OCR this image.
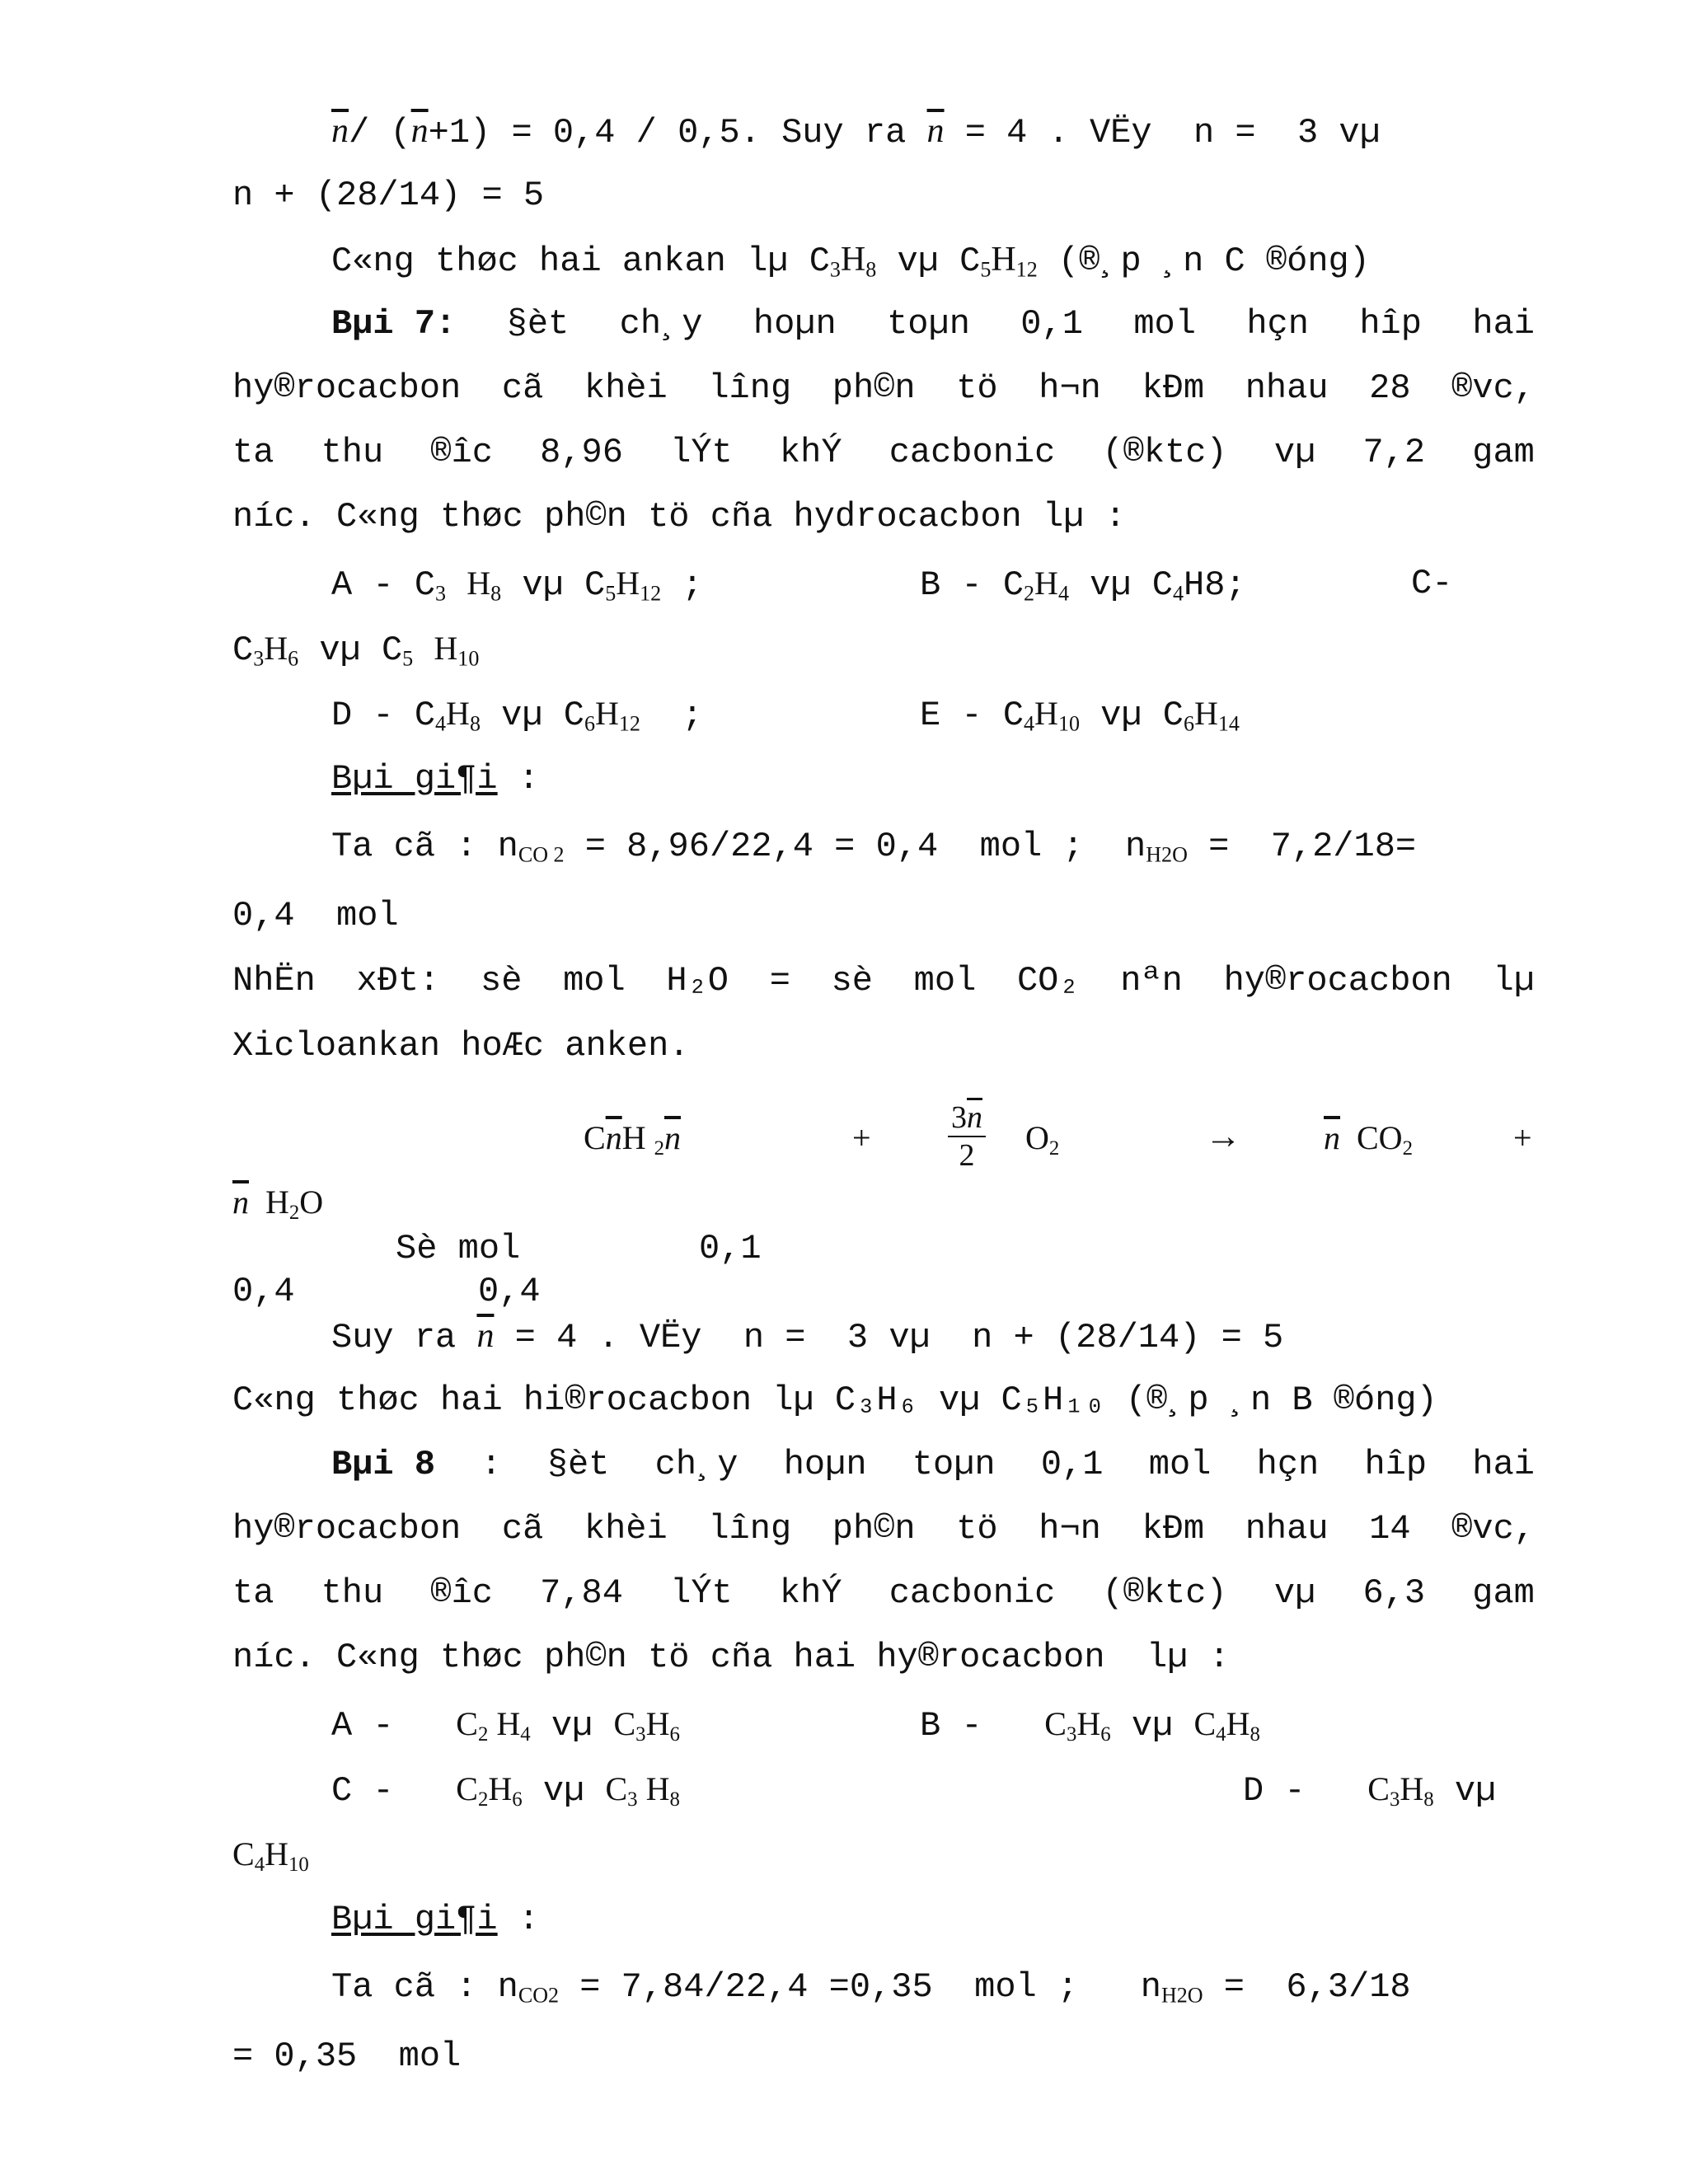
$\overline{n}/$ $(\overline{n}+1) = 0,4 / 0,5$. Suy ra $\overline{n} = 4$ . VËy  n =  3 vµ
n + (28/14) = 5
C«ng thøc hai ankan lµ $C_3H_8$ vµ $C_5H_{12}$ (®¸p ¸n C ®óng)
Bµi 7: §èt ch¸y hoµn toµn 0,1 mol hçn hîp hai
hy®rocacbon cã khèi lîng ph©n tö h¬n kÐm nhau 28 ®vc,
ta thu ®îc 8,96 lÝt khÝ cacbonic (®ktc) vµ 7,2 gam
níc. C«ng thøc ph©n tö cña hydrocacbon lµ :
A - $C_3$ $H_8$ vµ $C_5H_{12}$ ;	B - $C_2H_4$ vµ $C_4H8$;	C-
$C_3H_6$ vµ $C_5$ $H_{10}$
D - $C_4H_8$ vµ $C_6H_{12}$  ;	E - $C_4H_{10}$ vµ $C_6H_{14}$
Bµi gi¶i :
Ta cã : $n_{CO 2} = 8,96/22,4 = 0,4$  mol ;  $n_{H2O} = 7,2/18=$
0,4  mol
NhËn xÐt: sè mol H₂O = sè mol CO₂ nªn hy®rocacbon lµ
Xicloankan hoÆc anken.
$C\overline{n}H$ $_2\overline{n}$	+ $\frac{3\overline{n}}{2} O_2$	→	$\overline{n}$  $CO_2$	+
$\overline{n}$  $H_2O$
Sè mol	0,1
0,4	0,4
Suy ra $\overline{n} = 4$ . VËy  n =  3 vµ  n + (28/14) = 5
C«ng thøc hai hi®rocacbon lµ C₃H₆ vµ C₅H₁₀ (®¸p ¸n B ®óng)
Bµi 8 : §èt ch¸y hoµn toµn 0,1 mol hçn hîp hai
hy®rocacbon cã khèi lîng ph©n tö h¬n kÐm nhau 14 ®vc,
ta thu ®îc 7,84 lÝt khÝ cacbonic (®ktc) vµ 6,3 gam
níc. C«ng thøc ph©n tö cña hai hy®rocacbon  lµ :
A - $C_2$ $H_4$ vµ $C_3H_6$	B - $C_3H_6$ vµ $C_4H_8$
C - $C_2H_6$ vµ $C_3$ $H_8$	D - $C_3H_8$ vµ
$C_4H_{10}$
Bµi gi¶i :
Ta cã : $n_{CO2} = 7,84/22,4 =0,35$  mol ;   $n_{H2O} = 6,3/18$
= 0,35  mol
